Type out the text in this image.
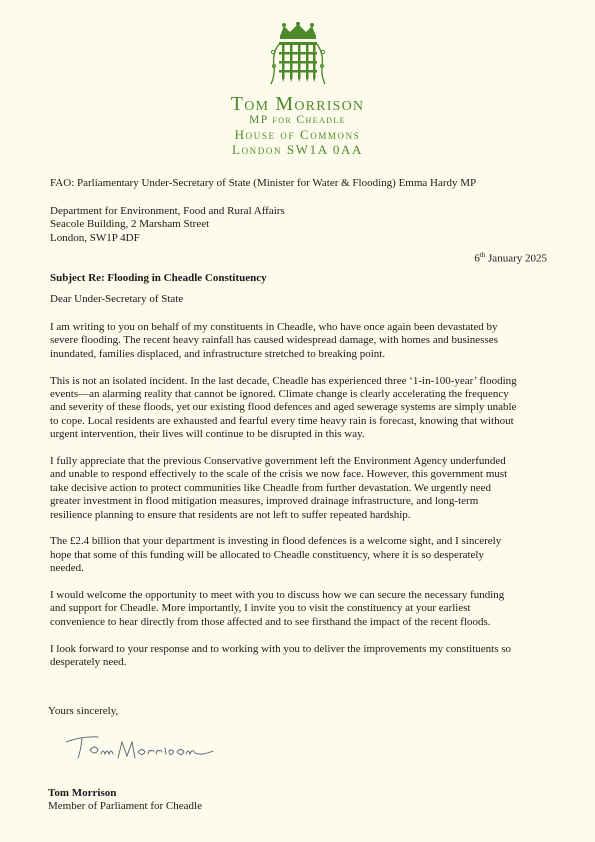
Tom Morrison
MP for Cheadle
House of Commons
London SW1A 0AA
FAO: Parliamentary Under-Secretary of State (Minister for Water & Flooding) Emma Hardy MP
Department for Environment, Food and Rural Affairs
Seacole Building, 2 Marsham Street
London, SW1P 4DF
6th January 2025
Subject Re: Flooding in Cheadle Constituency
Dear Under-Secretary of State

I am writing to you on behalf of my constituents in Cheadle, who have once again been devastated by severe flooding. The recent heavy rainfall has caused widespread damage, with homes and businesses inundated, families displaced, and infrastructure stretched to breaking point.

This is not an isolated incident. In the last decade, Cheadle has experienced three ‘1-in-100-year’ flooding events—an alarming reality that cannot be ignored. Climate change is clearly accelerating the frequency and severity of these floods, yet our existing flood defences and aged sewerage systems are simply unable to cope. Local residents are exhausted and fearful every time heavy rain is forecast, knowing that without urgent intervention, their lives will continue to be disrupted in this way.

I fully appreciate that the previous Conservative government left the Environment Agency underfunded and unable to respond effectively to the scale of the crisis we now face. However, this government must take decisive action to protect communities like Cheadle from further devastation. We urgently need greater investment in flood mitigation measures, improved drainage infrastructure, and long-term resilience planning to ensure that residents are not left to suffer repeated hardship.

The £2.4 billion that your department is investing in flood defences is a welcome sight, and I sincerely hope that some of this funding will be allocated to Cheadle constituency, where it is so desperately needed.

I would welcome the opportunity to meet with you to discuss how we can secure the necessary funding and support for Cheadle. More importantly, I invite you to visit the constituency at your earliest convenience to hear directly from those affected and to see firsthand the impact of the recent floods.

I look forward to your response and to working with you to deliver the improvements my constituents so desperately need.

Yours sincerely,
Tom Morrison
Member of Parliament for Cheadle
